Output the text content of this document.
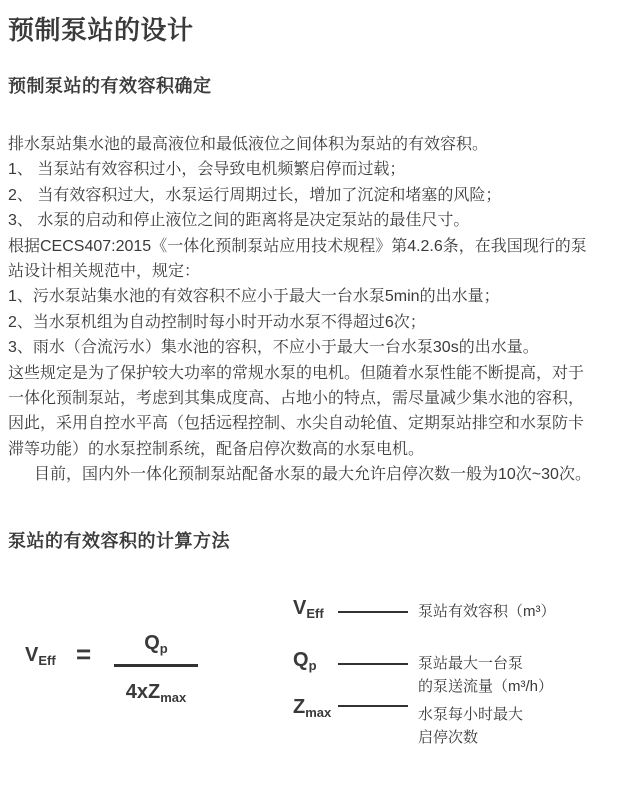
预制泵站的设计
预制泵站的有效容积确定
排水泵站集水池的最高液位和最低液位之间体积为泵站的有效容积。
1、 当泵站有效容积过小，会导致电机频繁启停而过载；
2、 当有效容积过大，水泵运行周期过长，增加了沉淀和堵塞的风险；
3、 水泵的启动和停止液位之间的距离将是决定泵站的最佳尺寸。
根据CECS407:2015《一体化预制泵站应用技术规程》第4.2.6条，在我国现行的泵
站设计相关规范中，规定：
1、污水泵站集水池的有效容积不应小于最大一台水泵5min的出水量；
2、当水泵机组为自动控制时每小时开动水泵不得超过6次；
3、雨水（合流污水）集水池的容积，不应小于最大一台水泵30s的出水量。
这些规定是为了保护较大功率的常规水泵的电机。但随着水泵性能不断提高，对于
一体化预制泵站，考虑到其集成度高、占地小的特点，需尽量减少集水池的容积，
因此，采用自控水平高（包括远程控制、水尖自动轮值、定期泵站排空和水泵防卡
滞等功能）的水泵控制系统，配备启停次数高的水泵电机。
目前，国内外一体化预制泵站配备水泵的最大允许启停次数一般为10次~30次。
泵站的有效容积的计算方法
$V_{Eff}$ =	$Q_p$
$4xZ_{max}$
$V_{Eff}$	泵站有效容积（m³）
$Q_p$	泵站最大一台泵
的泵送流量（m³/h）
$Z_{max}$	水泵每小时最大
启停次数
